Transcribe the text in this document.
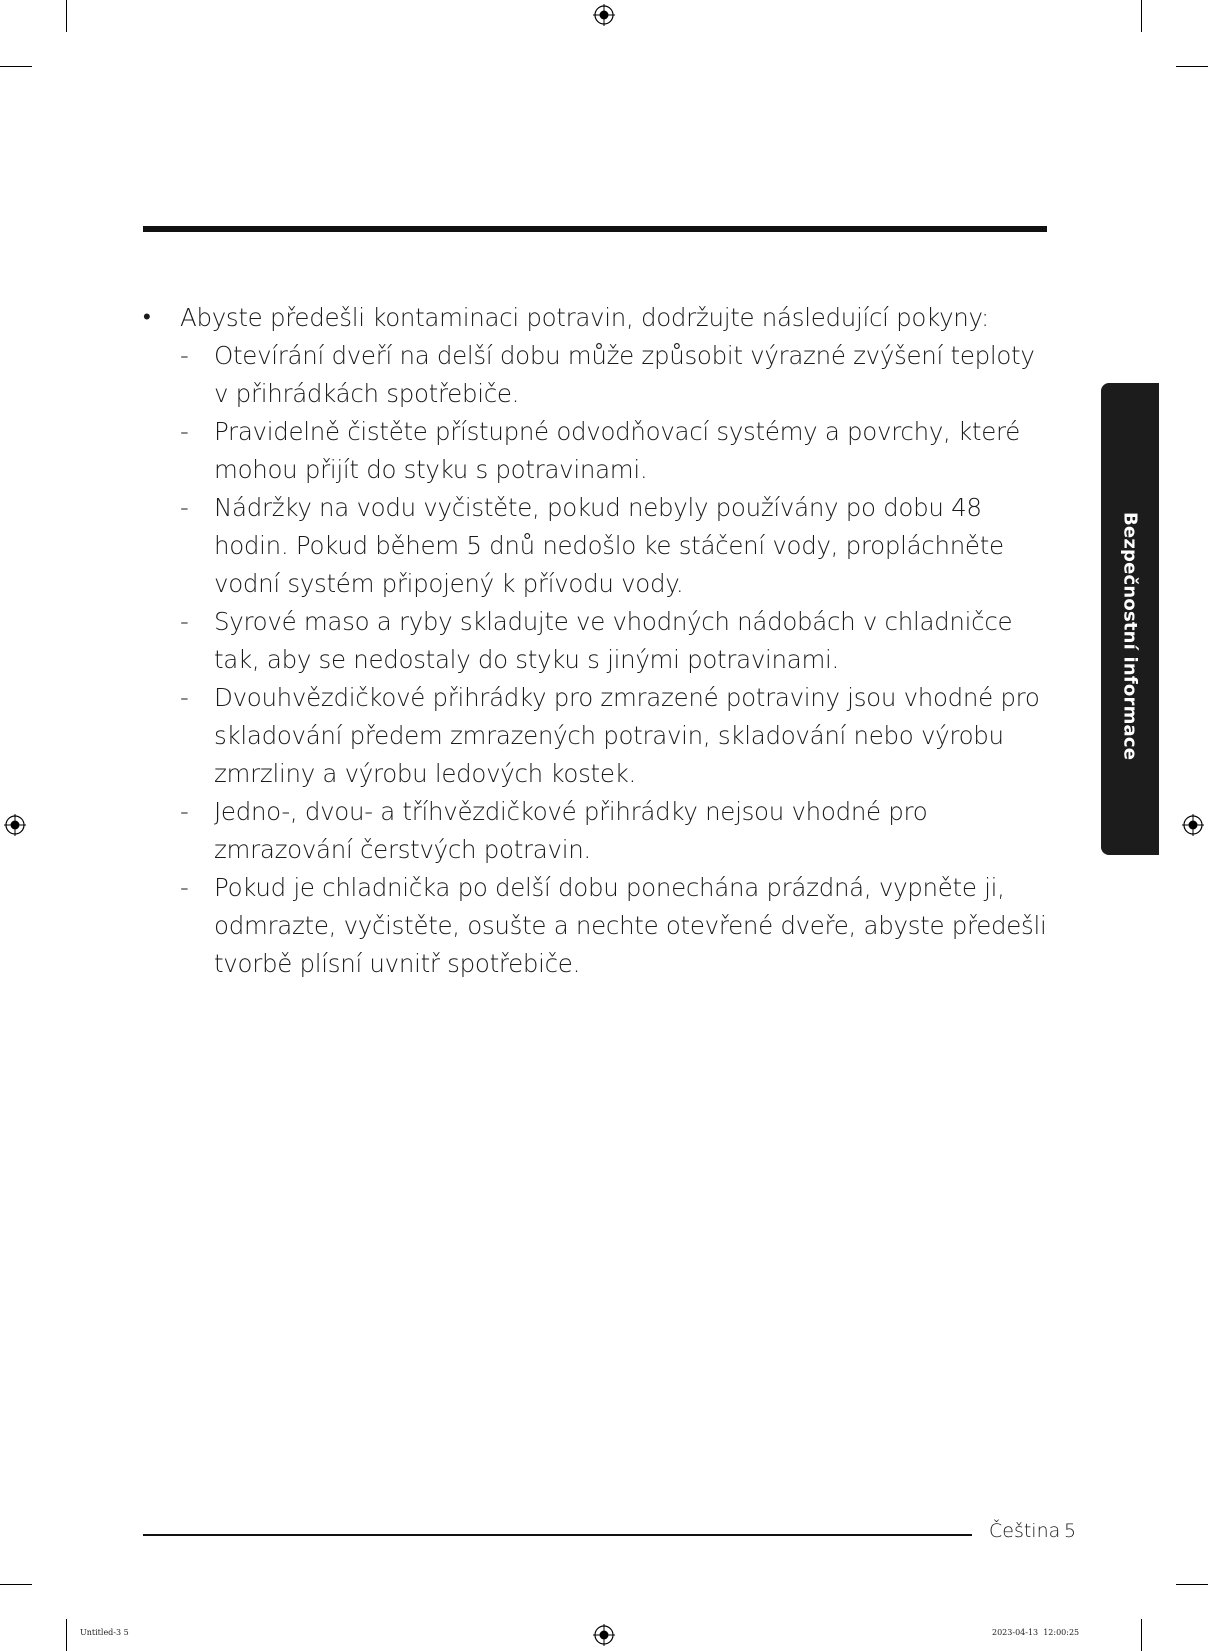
• Abyste předešli kontaminaci potravin, dodržujte následující pokyny:
- Otevírání dveří na delší dobu může způsobit výrazné zvýšení teploty v přihrádkách spotřebiče.
- Pravidelně čistěte přístupné odvodňovací systémy a povrchy, které mohou přijít do styku s potravinami.
- Nádržky na vodu vyčistěte, pokud nebyly používány po dobu 48 hodin. Pokud během 5 dnů nedošlo ke stáčení vody, propláchněte vodní systém připojený k přívodu vody.
- Syrové maso a ryby skladujte ve vhodných nádobách v chladničce tak, aby se nedostaly do styku s jinými potravinami.
- Dvouhvězdičkové přihrádky pro zmrazené potraviny jsou vhodné pro skladování předem zmrazených potravin, skladování nebo výrobu zmrzliny a výrobu ledových kostek.
- Jedno-, dvou- a tříhvězdičkové přihrádky nejsou vhodné pro zmrazování čerstvých potravin.
- Pokud je chladnička po delší dobu ponechána prázdná, vypněte ji, odmrazte, vyčistěte, osušte a nechte otevřené dveře, abyste předešli tvorbě plísní uvnitř spotřebiče.
Bezpečnostní informace
Čeština 5
Untitled-3 5	2023-04-13 ￼ 12:00:25
